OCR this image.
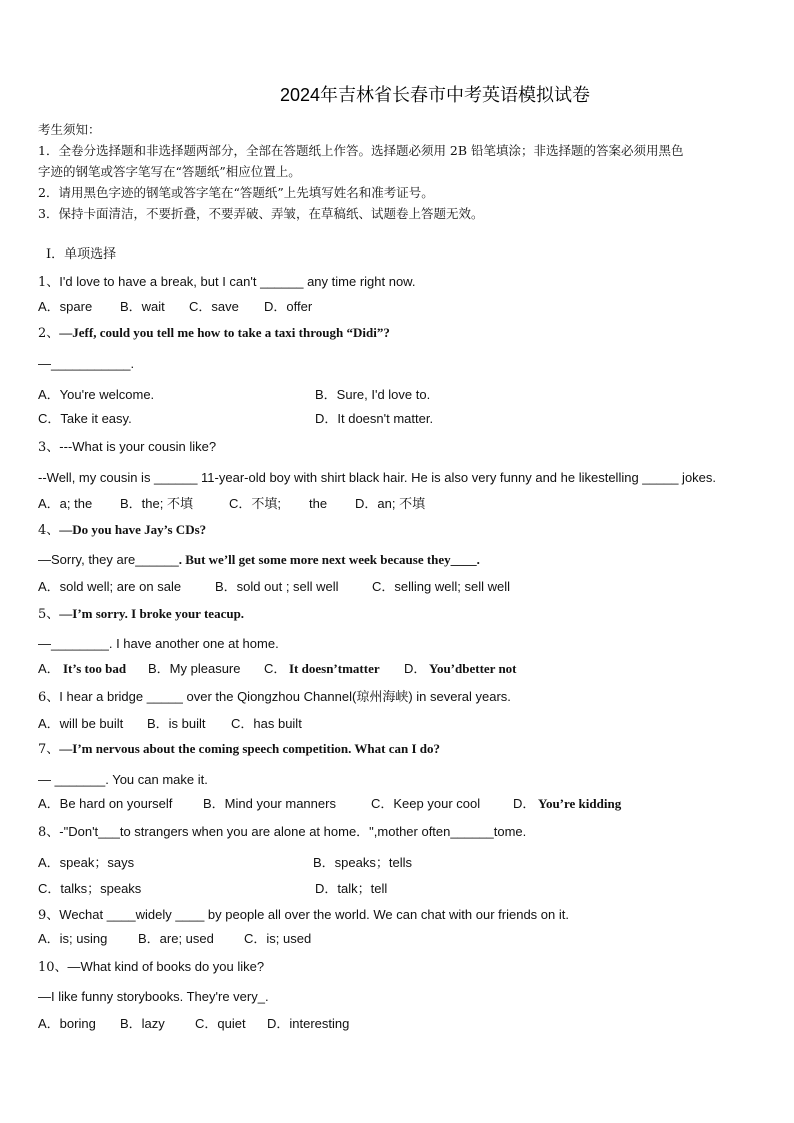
2024年吉林省长春市中考英语模拟试卷
考生须知：
1．全卷分选择题和非选择题两部分，全部在答题纸上作答。选择题必须用 2B 铅笔填涂；非选择题的答案必须用黑色
字迹的钢笔或答字笔写在“答题纸”相应位置上。
2．请用黑色字迹的钢笔或答字笔在“答题纸”上先填写姓名和准考证号。
3．保持卡面清洁，不要折叠，不要弄破、弄皱，在草稿纸、试题卷上答题无效。
Ⅰ．单项选择
1、I'd love to have a break, but I can't ______ any time right now.
A．spare B．wait C．save D．offer
2、—Jeff, could you tell me how to take a taxi through “Didi”?
—___________.
A．You're welcome.	B．Sure, I'd love to.
C．Take it easy.	D．It doesn't matter.
3、---What is your cousin like?
--Well, my cousin is ______ 11-year-old boy with shirt black hair. He is also very funny and he likestelling _____ jokes.
A．a; the B．the; 不填	C．不填; the D．an; 不填
4、—Do you have Jay’s CDs?
—Sorry, they are______. But we’ll get some more next week because they____.
A．sold well; are on sale	B．sold out ; sell well	C．selling well; sell well
5、—I’m sorry. I broke your teacup.
—________. I have another one at home.
A． It’s too bad B．My pleasure C． It doesn’tmatter D． You’dbetter not
6、I hear a bridge _____ over the Qiongzhou Channel(琼州海峡) in several years.
A．will be built B．is built C．has built
7、—I’m nervous about the coming speech competition. What can I do?
— _______. You can make it.
A．Be hard on yourself B．Mind your manners	C．Keep your cool	D． You’re kidding
8、-"Don't___to strangers when you are alone at home．",mother often______tome.
A．speak；says	B．speaks；tells
C．talks；speaks	D．talk；tell
9、Wechat ____widely ____ by people all over the world. We can chat with our friends on it.
A．is; using B．are; used C．is; used
10、—What kind of books do you like?
—I like funny storybooks. They're very_.
A．boring B．lazy C．quiet D．interesting
